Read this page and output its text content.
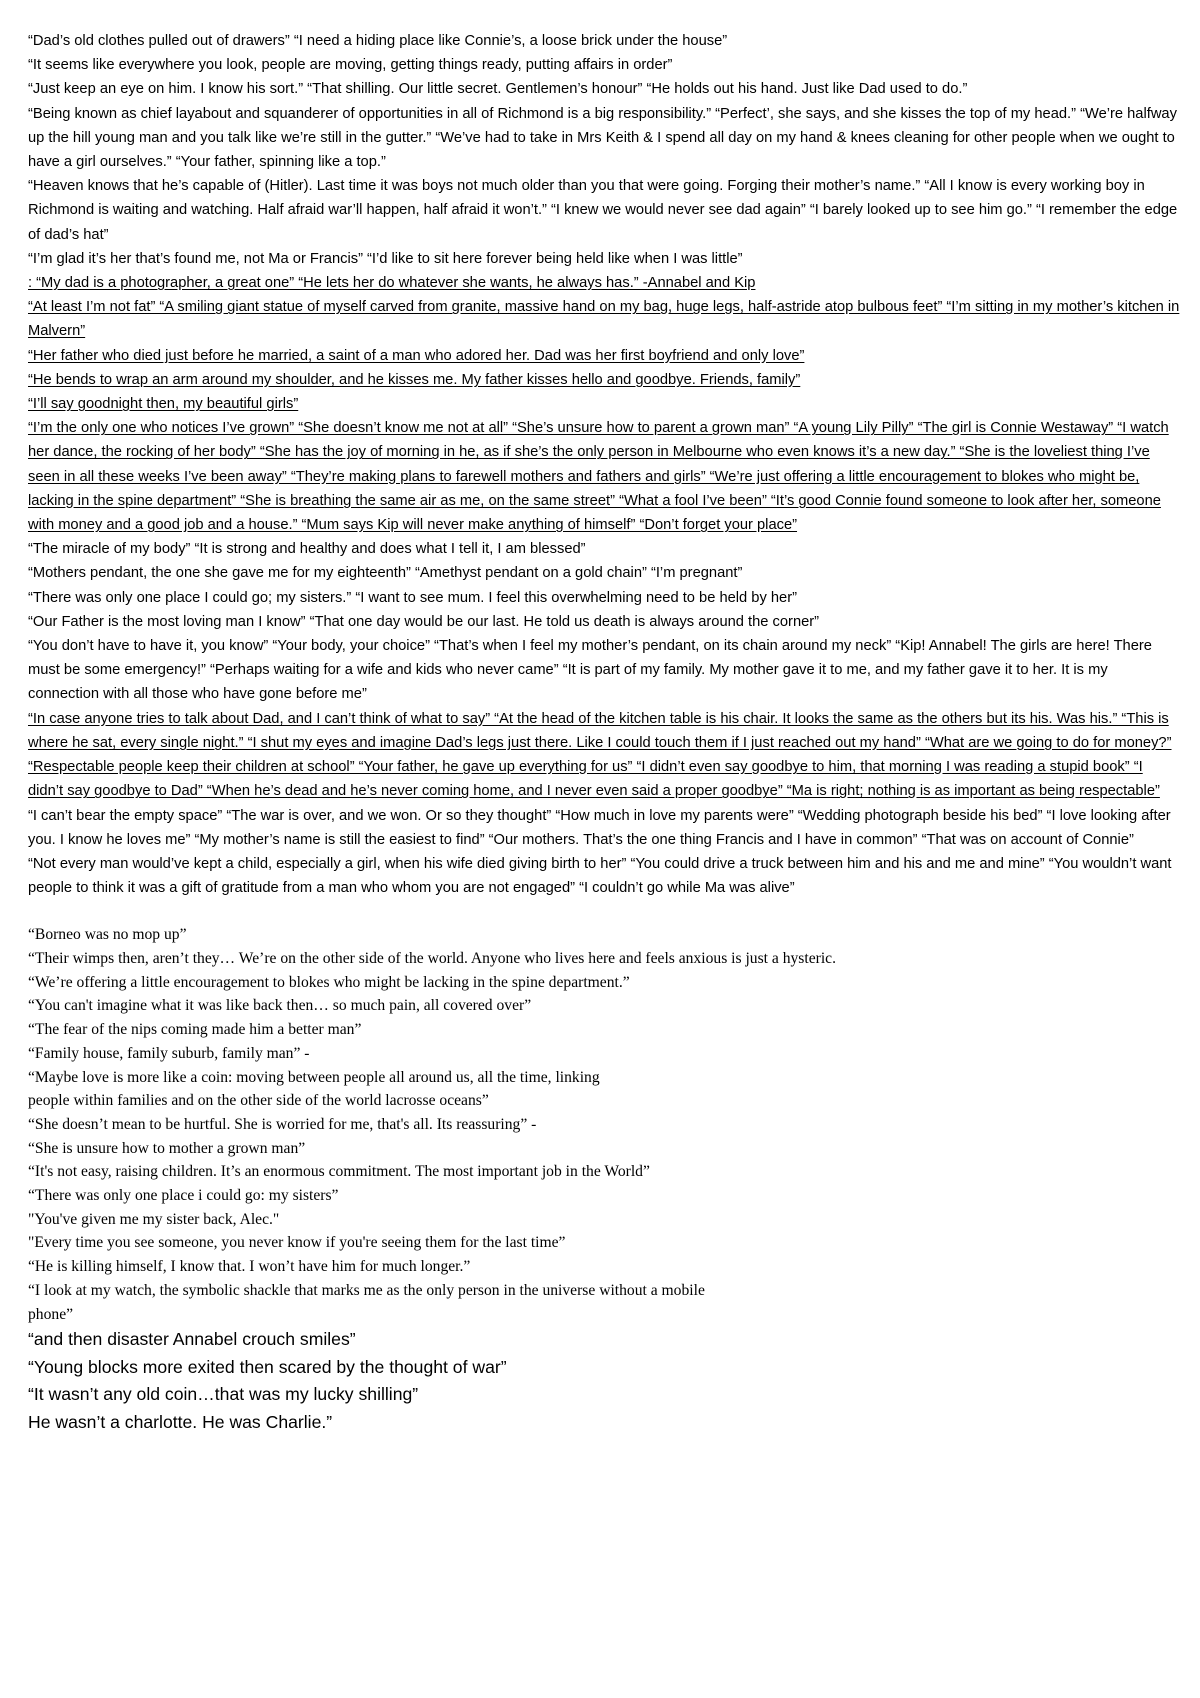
“Dad’s old clothes pulled out of drawers” “I need a hiding place like Connie’s, a loose brick under the house”

“It seems like everywhere you look, people are moving, getting things ready, putting affairs in order”

“Just keep an eye on him. I know his sort.” “That shilling. Our little secret. Gentlemen’s honour” “He holds out his hand. Just like Dad used to do.”

“Being known as chief layabout and squanderer of opportunities in all of Richmond is a big responsibility.” “Perfect’, she says, and she kisses the top of my head.” “We’re halfway up the hill young man and you talk like we’re still in the gutter.” “We’ve had to take in Mrs Keith & I spend all day on my hand & knees cleaning for other people when we ought to have a girl ourselves.” “Your father, spinning like a top.”

“Heaven knows that he’s capable of (Hitler). Last time it was boys not much older than you that were going. Forging their mother’s name.” “All I know is every working boy in Richmond is waiting and watching. Half afraid war’ll happen, half afraid it won’t.” “I knew we would never see dad again” “I barely looked up to see him go.” “I remember the edge of dad’s hat”

“I’m glad it’s her that’s found me, not Ma or Francis” “I’d like to sit here forever being held like when I was little”

: “My dad is a photographer, a great one” “He lets her do whatever she wants, he always has.” -Annabel and Kip

“At least I’m not fat” “A smiling giant statue of myself carved from granite, massive hand on my bag, huge legs, half-astride atop bulbous feet” “I’m sitting in my mother’s kitchen in Malvern”

“Her father who died just before he married, a saint of a man who adored her. Dad was her first boyfriend and only love”

“He bends to wrap an arm around my shoulder, and he kisses me. My father kisses hello and goodbye. Friends, family”

“I’ll say goodnight then, my beautiful girls”

“I’m the only one who notices I’ve grown” “She doesn’t know me not at all” “She’s unsure how to parent a grown man” “A young Lily Pilly” “The girl is Connie Westaway” “I watch her dance, the rocking of her body” “She has the joy of morning in he, as if she’s the only person in Melbourne who even knows it’s a new day.” “She is the loveliest thing I’ve seen in all these weeks I’ve been away” “They’re making plans to farewell mothers and fathers and girls” “We’re just offering a little encouragement to blokes who might be, lacking in the spine department” “She is breathing the same air as me, on the same street” “What a fool I’ve been” “It’s good Connie found someone to look after her, someone with money and a good job and a house.” “Mum says Kip will never make anything of himself” “Don’t forget your place”

“The miracle of my body” “It is strong and healthy and does what I tell it, I am blessed”

“Mothers pendant, the one she gave me for my eighteenth” “Amethyst pendant on a gold chain” “I’m pregnant”

“There was only one place I could go; my sisters.” “I want to see mum. I feel this overwhelming need to be held by her”

“Our Father is the most loving man I know” “That one day would be our last. He told us death is always around the corner”

“You don’t have to have it, you know” “Your body, your choice” “That’s when I feel my mother’s pendant, on its chain around my neck” “Kip! Annabel! The girls are here! There must be some emergency!” “Perhaps waiting for a wife and kids who never came” “It is part of my family. My mother gave it to me, and my father gave it to her. It is my connection with all those who have gone before me”

“In case anyone tries to talk about Dad, and I can’t think of what to say” “At the head of the kitchen table is his chair. It looks the same as the others but its his. Was his.” “This is where he sat, every single night.” “I shut my eyes and imagine Dad’s legs just there. Like I could touch them if I just reached out my hand” “What are we going to do for money?” “Respectable people keep their children at school” “Your father, he gave up everything for us” “I didn’t even say goodbye to him, that morning I was reading a stupid book” “I didn’t say goodbye to Dad” “When he’s dead and he’s never coming home, and I never even said a proper goodbye” “Ma is right; nothing is as important as being respectable”

“I can’t bear the empty space” “The war is over, and we won. Or so they thought” “How much in love my parents were” “Wedding photograph beside his bed” “I love looking after you. I know he loves me” “My mother’s name is still the easiest to find” “Our mothers. That’s the one thing Francis and I have in common” “That was on account of Connie”

“Not every man would’ve kept a child, especially a girl, when his wife died giving birth to her” “You could drive a truck between him and his and me and mine” “You wouldn’t want people to think it was a gift of gratitude from a man who whom you are not engaged” “I couldn’t go while Ma was alive”

“Borneo was no mop up”

“Their wimps then, aren’t they… We’re on the other side of the world. Anyone who lives here and feels anxious is just a hysteric.

“We’re offering a little encouragement to blokes who might be lacking in the spine department.”

“You can't imagine what it was like back then… so much pain, all covered over”

“The fear of the nips coming made him a better man”

“Family house, family suburb, family man” -

“Maybe love is more like a coin: moving between people all around us, all the time, linking

people within families and on the other side of the world lacrosse oceans”

“She doesn’t mean to be hurtful. She is worried for me, that's all. Its reassuring” -

“She is unsure how to mother a grown man”

“It's not easy, raising children. It’s an enormous commitment. The most important job in the World”

“There was only one place i could go: my sisters”

"You've given me my sister back, Alec."

"Every time you see someone, you never know if you're seeing them for the last time”

“He is killing himself, I know that. I won’t have him for much longer.”

“I look at my watch, the symbolic shackle that marks me as the only person in the universe without a mobile

phone”

“and then disaster Annabel crouch smiles”

“Young blocks more exited then scared by the thought of war”

“It wasn’t any old coin…that was my lucky shilling”

He wasn’t a charlotte. He was Charlie.”
